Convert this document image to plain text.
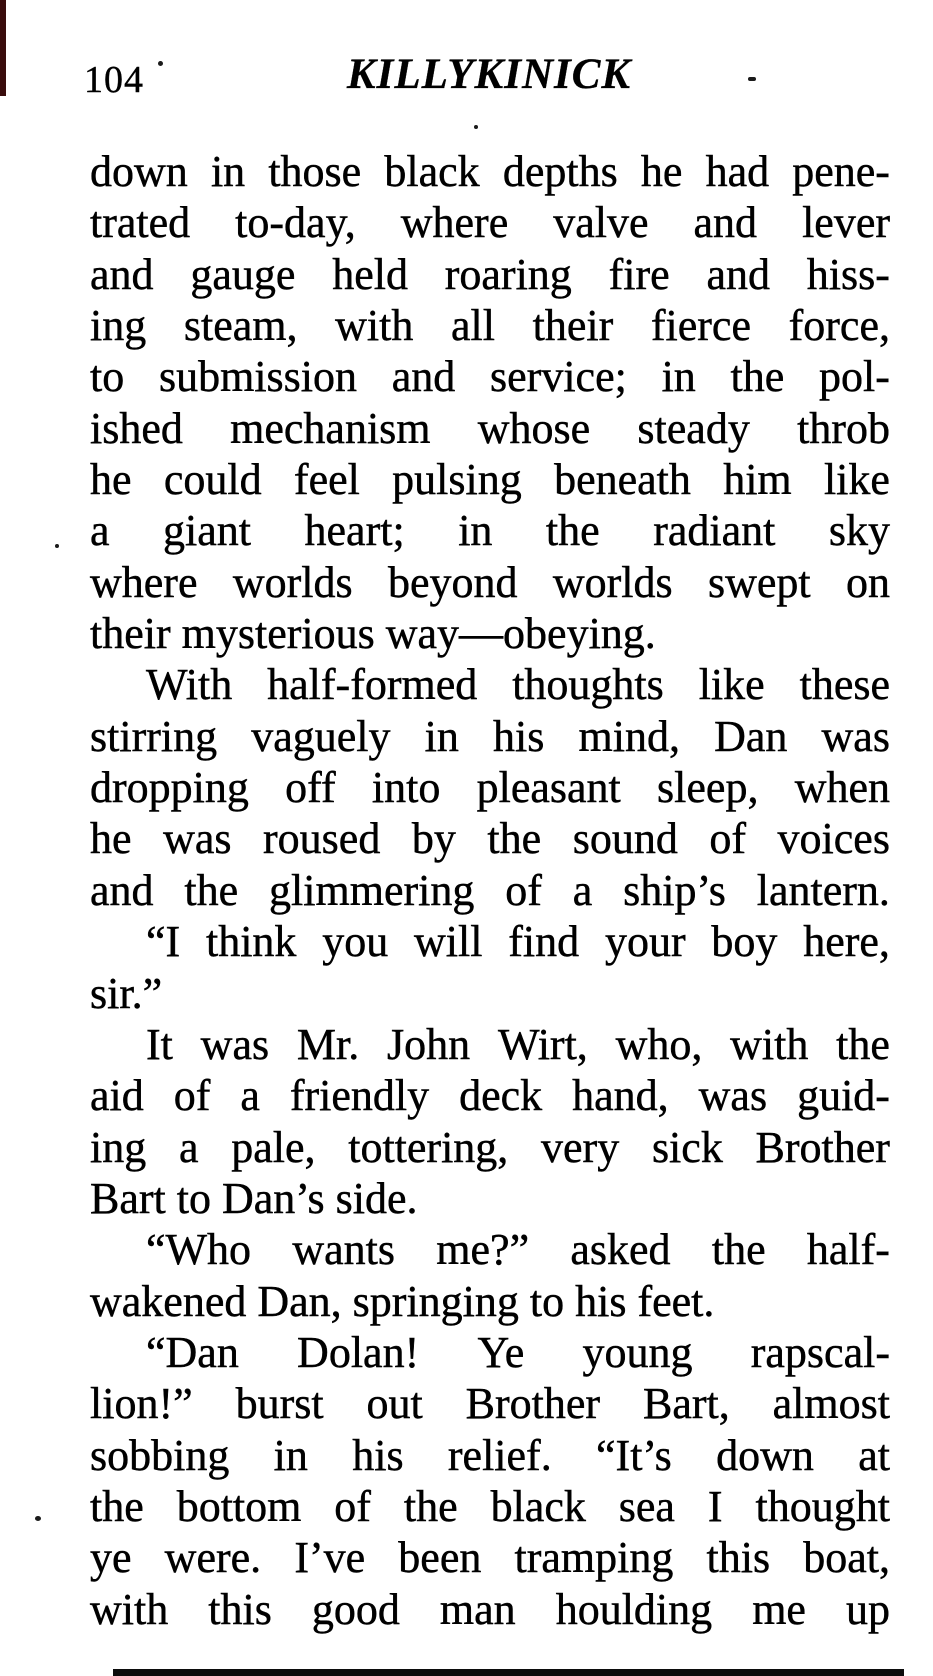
104	KILLYKINICK
down in those black depths he had pene-
trated to-day, where valve and lever
and gauge held roaring fire and hiss-
ing steam, with all their fierce force,
to submission and service; in the pol-
ished mechanism whose steady throb
he could feel pulsing beneath him like
a giant heart; in the radiant sky
where worlds beyond worlds swept on
their mysterious way—obeying.
With half-formed thoughts like these
stirring vaguely in his mind, Dan was
dropping off into pleasant sleep, when
he was roused by the sound of voices
and the glimmering of a ship’s lantern.
“I think you will find your boy here,
sir.”
It was Mr. John Wirt, who, with the
aid of a friendly deck hand, was guid-
ing a pale, tottering, very sick Brother
Bart to Dan’s side.
“Who wants me?” asked the half-
wakened Dan, springing to his feet.
“Dan Dolan! Ye young rapscal-
lion!” burst out Brother Bart, almost
sobbing in his relief. “It’s down at
the bottom of the black sea I thought
ye were. I’ve been tramping this boat,
with this good man houlding me up
